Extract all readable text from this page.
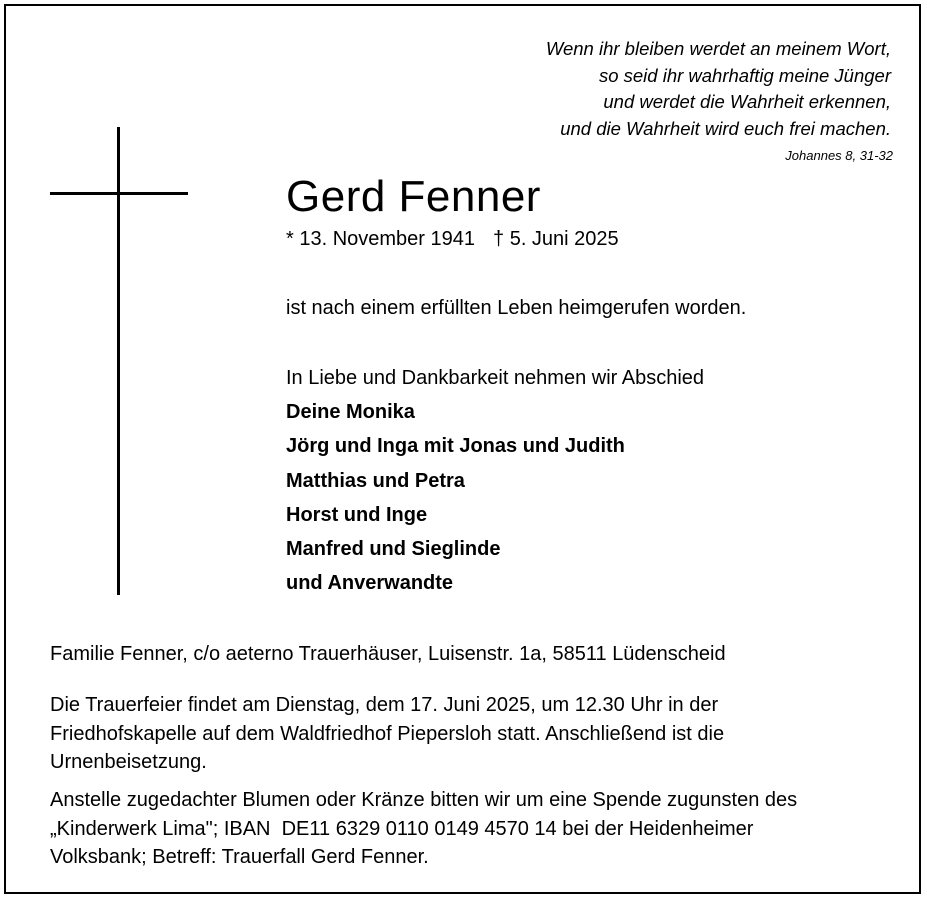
Wenn ihr bleiben werdet an meinem Wort,
so seid ihr wahrhaftig meine Jünger
und werdet die Wahrheit erkennen,
und die Wahrheit wird euch frei machen.
Johannes 8, 31-32
Gerd Fenner
* 13. November 1941 † 5. Juni 2025
ist nach einem erfüllten Leben heimgerufen worden.
In Liebe und Dankbarkeit nehmen wir Abschied
Deine Monika
Jörg und Inga mit Jonas und Judith
Matthias und Petra
Horst und Inge
Manfred und Sieglinde
und Anverwandte
Familie Fenner, c/o aeterno Trauerhäuser, Luisenstr. 1a, 58511 Lüdenscheid
Die Trauerfeier findet am Dienstag, dem 17. Juni 2025, um 12.30 Uhr in der
Friedhofskapelle auf dem Waldfriedhof Piepersloh statt. Anschließend ist die
Urnenbeisetzung.
Anstelle zugedachter Blumen oder Kränze bitten wir um eine Spende zugunsten des
„Kinderwerk Lima"; IBAN  DE11 6329 0110 0149 4570 14 bei der Heidenheimer
Volksbank; Betreff: Trauerfall Gerd Fenner.
